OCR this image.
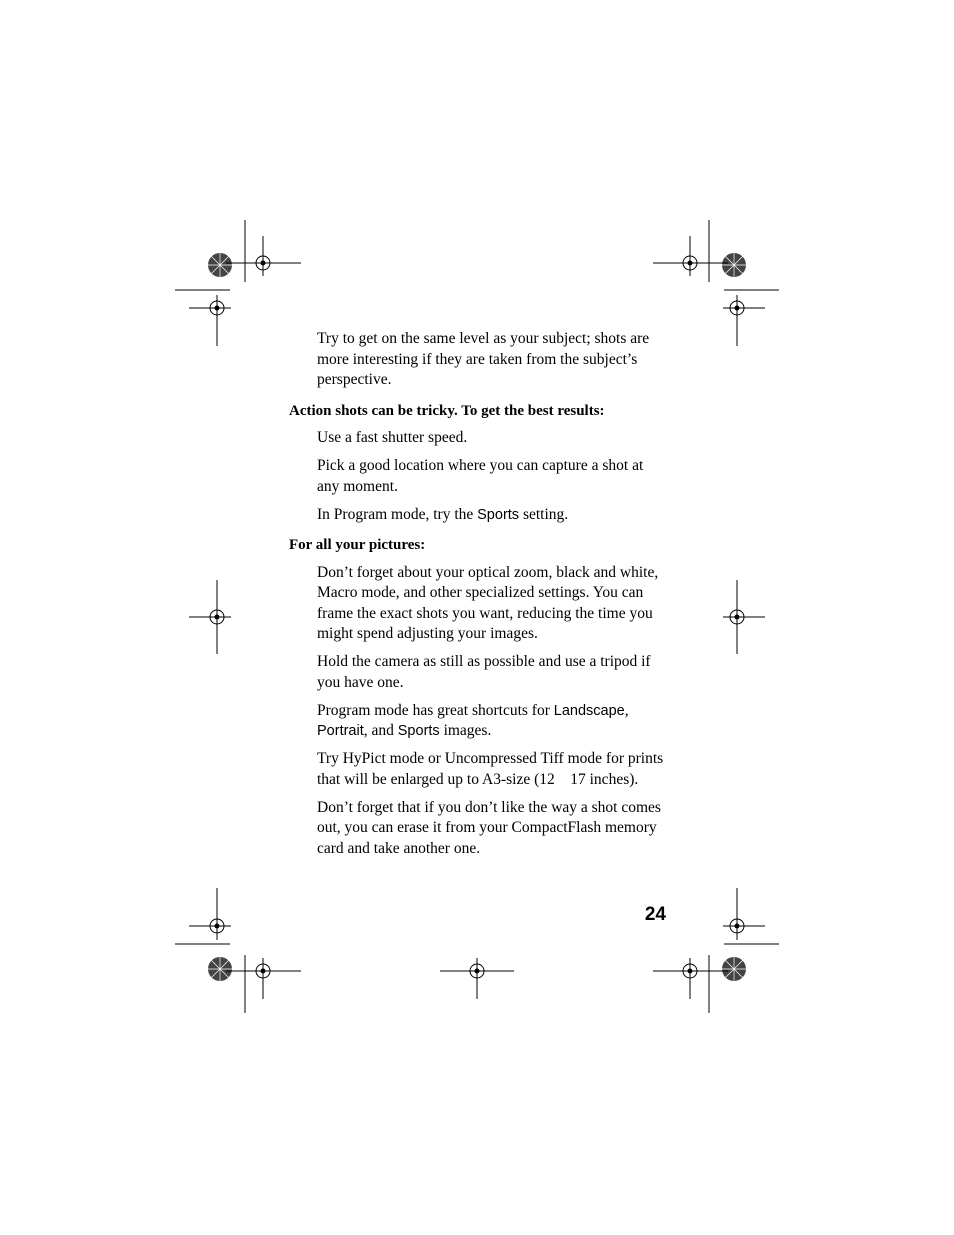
Try to get on the same level as your subject; shots are more interesting if they are taken from the subject’s perspective.

Action shots can be tricky. To get the best results:

Use a fast shutter speed.

Pick a good location where you can capture a shot at any moment.

In Program mode, try the Sports setting.

For all your pictures:

Don’t forget about your optical zoom, black and white, Macro mode, and other specialized settings. You can frame the exact shots you want, reducing the time you might spend adjusting your images.

Hold the camera as still as possible and use a tripod if you have one.

Program mode has great shortcuts for Landscape, Portrait, and Sports images.

Try HyPict mode or Uncompressed Tiff mode for prints that will be enlarged up to A3-size (12    17 inches).

Don’t forget that if you don’t like the way a shot comes out, you can erase it from your CompactFlash memory card and take another one.

24
